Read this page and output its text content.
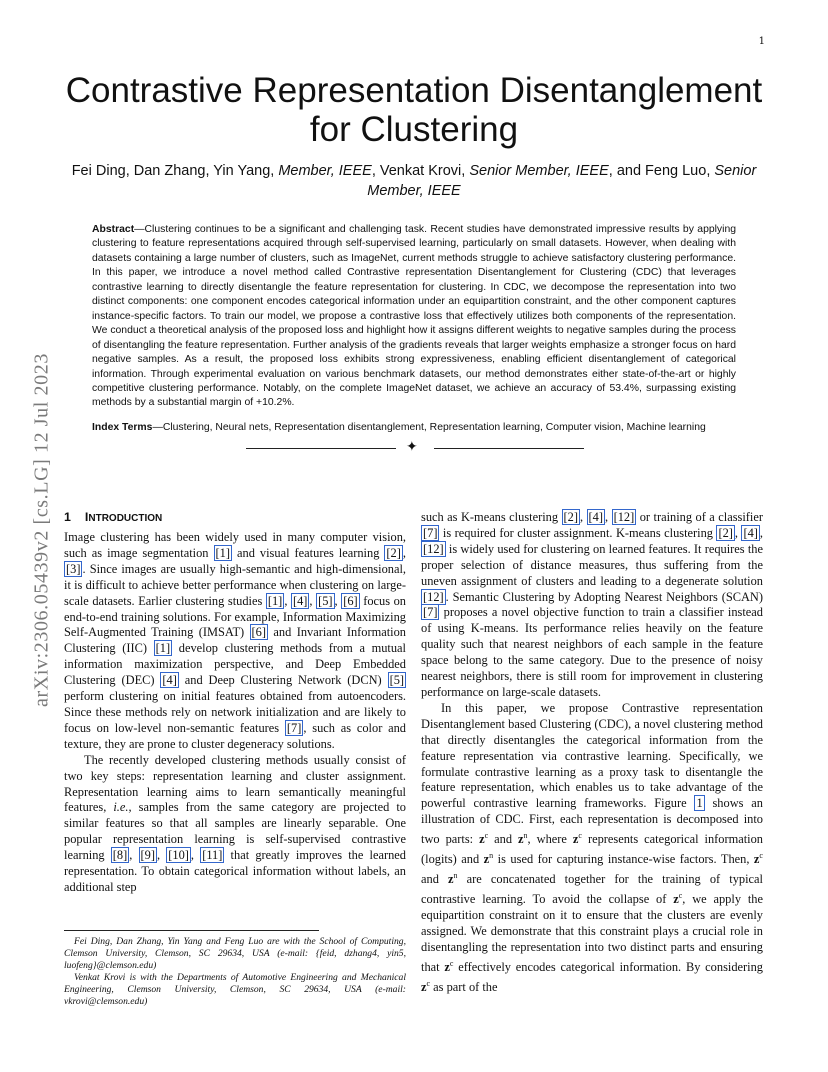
1
arXiv:2306.05439v2 [cs.LG] 12 Jul 2023
Contrastive Representation Disentanglement for Clustering
Fei Ding, Dan Zhang, Yin Yang, Member, IEEE, Venkat Krovi, Senior Member, IEEE, and Feng Luo, Senior Member, IEEE
Abstract—Clustering continues to be a significant and challenging task. Recent studies have demonstrated impressive results by applying clustering to feature representations acquired through self-supervised learning, particularly on small datasets. However, when dealing with datasets containing a large number of clusters, such as ImageNet, current methods struggle to achieve satisfactory clustering performance. In this paper, we introduce a novel method called Contrastive representation Disentanglement for Clustering (CDC) that leverages contrastive learning to directly disentangle the feature representation for clustering. In CDC, we decompose the representation into two distinct components: one component encodes categorical information under an equipartition constraint, and the other component captures instance-specific factors. To train our model, we propose a contrastive loss that effectively utilizes both components of the representation. We conduct a theoretical analysis of the proposed loss and highlight how it assigns different weights to negative samples during the process of disentangling the feature representation. Further analysis of the gradients reveals that larger weights emphasize a stronger focus on hard negative samples. As a result, the proposed loss exhibits strong expressiveness, enabling efficient disentanglement of categorical information. Through experimental evaluation on various benchmark datasets, our method demonstrates either state-of-the-art or highly competitive clustering performance. Notably, on the complete ImageNet dataset, we achieve an accuracy of 53.4%, surpassing existing methods by a substantial margin of +10.2%.
Index Terms—Clustering, Neural nets, Representation disentanglement, Representation learning, Computer vision, Machine learning
✦
1 INTRODUCTION

Image clustering has been widely used in many computer vision, such as image segmentation [1] and visual features learning [2] , [3] . Since images are usually high-semantic and high-dimensional, it is difficult to achieve better performance when clustering on large-scale datasets. Earlier clustering studies [1] , [4] , [5] , [6] focus on end-to-end training solutions. For example, Information Maximizing Self-Augmented Training (IMSAT) [6] and Invariant Information Clustering (IIC) [1] develop clustering methods from a mutual information maximization perspective, and Deep Embedded Clustering (DEC) [4] and Deep Clustering Network (DCN) [5] perform clustering on initial features obtained from autoencoders. Since these methods rely on network initialization and are likely to focus on low-level non-semantic features [7] , such as color and texture, they are prone to cluster degeneracy solutions.

The recently developed clustering methods usually consist of two key steps: representation learning and cluster assignment. Representation learning aims to learn semantically meaningful features, i.e., samples from the same category are projected to similar features so that all samples are linearly separable. One popular representation learning is self-supervised contrastive learning [8] , [9] , [10] , [11] that greatly improves the learned representation. To obtain categorical information without labels, an additional step

Fei Ding, Dan Zhang, Yin Yang and Feng Luo are with the School of Computing, Clemson University, Clemson, SC 29634, USA (e-mail: {feid, dzhang4, yin5, luofeng}@clemson.edu)

Venkat Krovi is with the Departments of Automotive Engineering and Mechanical Engineering, Clemson University, Clemson, SC 29634, USA (e-mail: vkrovi@clemson.edu)

such as K-means clustering [2] , [4] , [12] or training of a classifier [7] is required for cluster assignment. K-means clustering [2] , [4] , [12] is widely used for clustering on learned features. It requires the proper selection of distance measures, thus suffering from the uneven assignment of clusters and leading to a degenerate solution [12] . Semantic Clustering by Adopting Nearest Neighbors (SCAN) [7] proposes a novel objective function to train a classifier instead of using K-means. Its performance relies heavily on the feature quality such that nearest neighbors of each sample in the feature space belong to the same category. Due to the presence of noisy nearest neighbors, there is still room for improvement in clustering performance on large-scale datasets.

In this paper, we propose Contrastive representation Disentanglement based Clustering (CDC), a novel clustering method that directly disentangles the categorical information from the feature representation via contrastive learning. Specifically, we formulate contrastive learning as a proxy task to disentangle the feature representation, which enables us to take advantage of the powerful contrastive learning frameworks. Figure 1 shows an illustration of CDC. First, each representation is decomposed into two parts: $z^c$ and $z^n$, where $z^c$ represents categorical information (logits) and $z^n$ is used for capturing instance-wise factors. Then, $z^c$ and $z^n$ are concatenated together for the training of typical contrastive learning. To avoid the collapse of $z^c$, we apply the equipartition constraint on it to ensure that the clusters are evenly assigned. We demonstrate that this constraint plays a crucial role in disentangling the representation into two distinct parts and ensuring that $z^c$ effectively encodes categorical information. By considering $z^c$ as part of the
